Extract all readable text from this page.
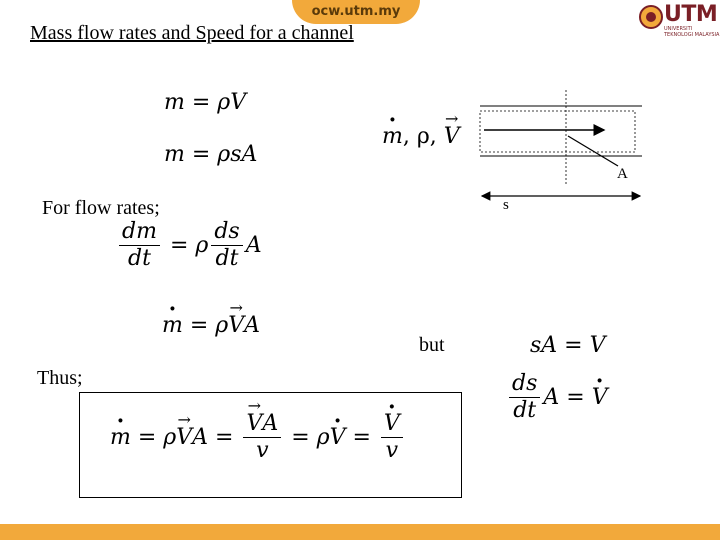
ocw.utm.my	UTM
UNIVERSITI TEKNOLOGI MALAYSIA
Mass flow rates and Speed for a channel
m = ρV
m = ρsA
· m, ρ, → V
A
s
For flow rates;
$\frac{dm}{dt} = \rho \frac{ds}{dt}$ A
· m = ρ→ VA
but	sA = V
$\frac{ds}{dt}$ A =
· V
Thus;
· m = ρ
→ V A =
→ $\frac{VA}{v} = \rho$
· V =
· $\frac{V}{v}$
